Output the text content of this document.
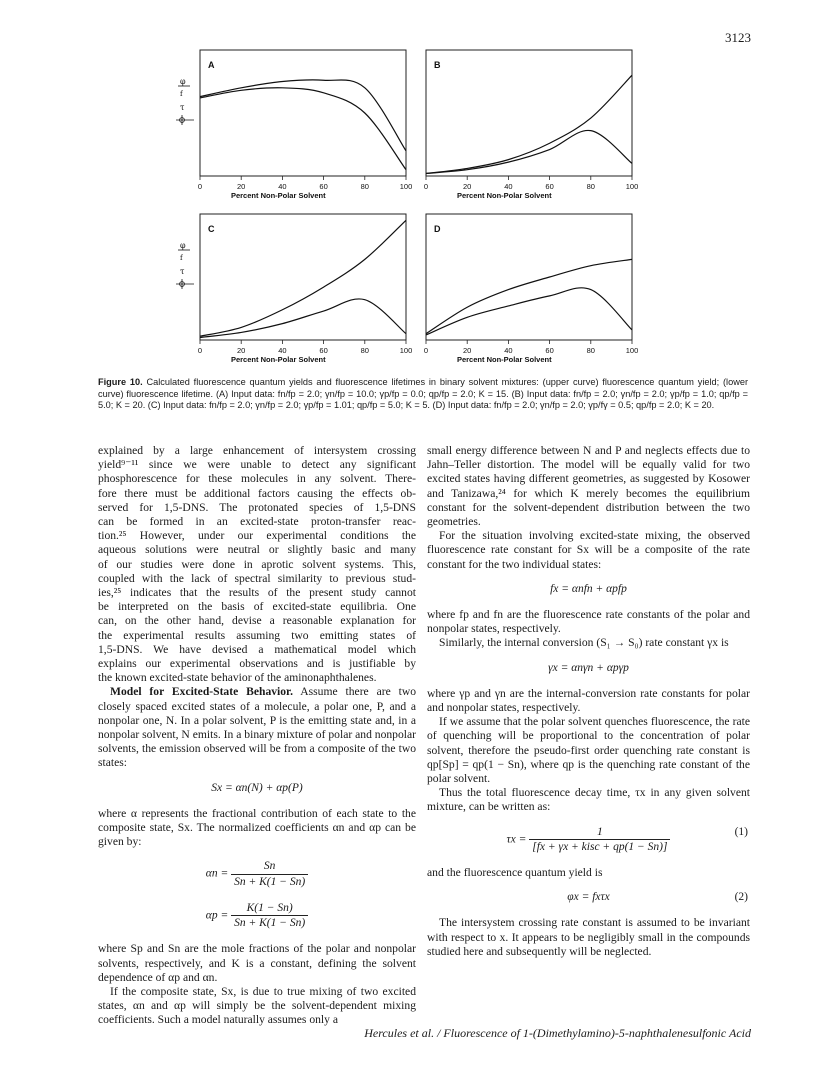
3123
A
0	20	40	60	80	100
Percent Non-Polar Solvent
φ
f
τ
B
0	20	40	60	80	100
Percent Non-Polar Solvent
C
0	20	40	60	80	100
Percent Non-Polar Solvent
φ
f
τ
D
0	20	40	60	80	100
Percent Non-Polar Solvent
Figure 10. Calculated fluorescence quantum yields and fluorescence lifetimes in binary solvent mixtures: (upper curve) fluorescence quantum yield; (lower curve) fluorescence lifetime. (A) Input data: fn/fp = 2.0; γn/fp = 10.0; γp/fp = 0.0; qp/fp = 2.0; K = 15. (B) Input data: fn/fp = 2.0; γn/fp = 2.0; γp/fp = 1.0; qp/fp = 5.0; K = 20. (C) Input data: fn/fp = 2.0; γn/fp = 2.0; γp/fp = 1.01; qp/fp = 5.0; K = 5. (D) Input data: fn/fp = 2.0; γn/fp = 2.0; γp/fγ = 0.5; qp/fp = 2.0; K = 20.
explained by a large enhancement of intersystem crossing
yield⁹⁻¹¹ since we were unable to detect any significant
phosphorescence for these molecules in any solvent. There-
fore there must be additional factors causing the effects ob-
served for 1,5-DNS. The protonated species of 1,5-DNS
can be formed in an excited-state proton-transfer reac-
tion.²⁵ However, under our experimental conditions the
aqueous solutions were neutral or slightly basic and many
of our studies were done in aprotic solvent systems. This,
coupled with the lack of spectral similarity to previous stud-
ies,²⁵ indicates that the results of the present study cannot
be interpreted on the basis of excited-state equilibria. One
can, on the other hand, devise a reasonable explanation for
the experimental results assuming two emitting states of
1,5-DNS. We have devised a mathematical model which
explains our experimental observations and is justifiable by
the known excited-state behavior of the aminonaphthalenes.

Model for Excited-State Behavior. Assume there are two closely spaced excited states of a molecule, a polar one, P, and a nonpolar one, N. In a polar solvent, P is the emitting state and, in a nonpolar solvent, N emits. In a binary mixture of polar and nonpolar solvents, the emission observed will be from a composite of the two states:

Sx = αn(N) + αp(P)

where α represents the fractional contribution of each state to the composite state, Sx. The normalized coefficients αn and αp can be given by:

$\alpha n = \frac{Sn}{Sn + K(1 - Sn)}$
$\alpha p = \frac{K(1 - Sn)}{Sn + K(1 - Sn)}$

where Sp and Sn are the mole fractions of the polar and nonpolar solvents, respectively, and K is a constant, defining the solvent dependence of αp and αn.

If the composite state, Sx, is due to true mixing of two excited states, αn and αp will simply be the solvent-dependent mixing coefficients. Such a model naturally assumes only a

small energy difference between N and P and neglects effects due to Jahn–Teller distortion. The model will be equally valid for two excited states having different geometries, as suggested by Kosower and Tanizawa,²⁴ for which K merely becomes the equilibrium constant for the solvent-dependent distribution between the two geometries.

For the situation involving excited-state mixing, the observed fluorescence rate constant for Sx will be a composite of the rate constant for the two individual states:

fx = αnfn + αpfp

where fp and fn are the fluorescence rate constants of the polar and nonpolar states, respectively.

Similarly, the internal conversion (S₁ → S₀) rate constant γx is

γx = αnγn + αpγp

where γp and γn are the internal-conversion rate constants for polar and nonpolar states, respectively.

If we assume that the polar solvent quenches fluorescence, the rate of quenching will be proportional to the concentration of polar solvent, therefore the pseudo-first order quenching rate constant is qp[Sp] = qp(1 − Sn), where qp is the quenching rate constant of the polar solvent.

Thus the total fluorescence decay time, τx in any given solvent mixture, can be written as:

$\tau x = \frac{1}{\text{[fx + γx + kisc + qp(1 − Sn)]}}$	(1)

and the fluorescence quantum yield is

φx = fxτx	(2)

The intersystem crossing rate constant is assumed to be invariant with respect to x. It appears to be negligibly small in the compounds studied here and subsequently will be neglected.

Hercules et al. / Fluorescence of 1-(Dimethylamino)-5-naphthalenesulfonic Acid
